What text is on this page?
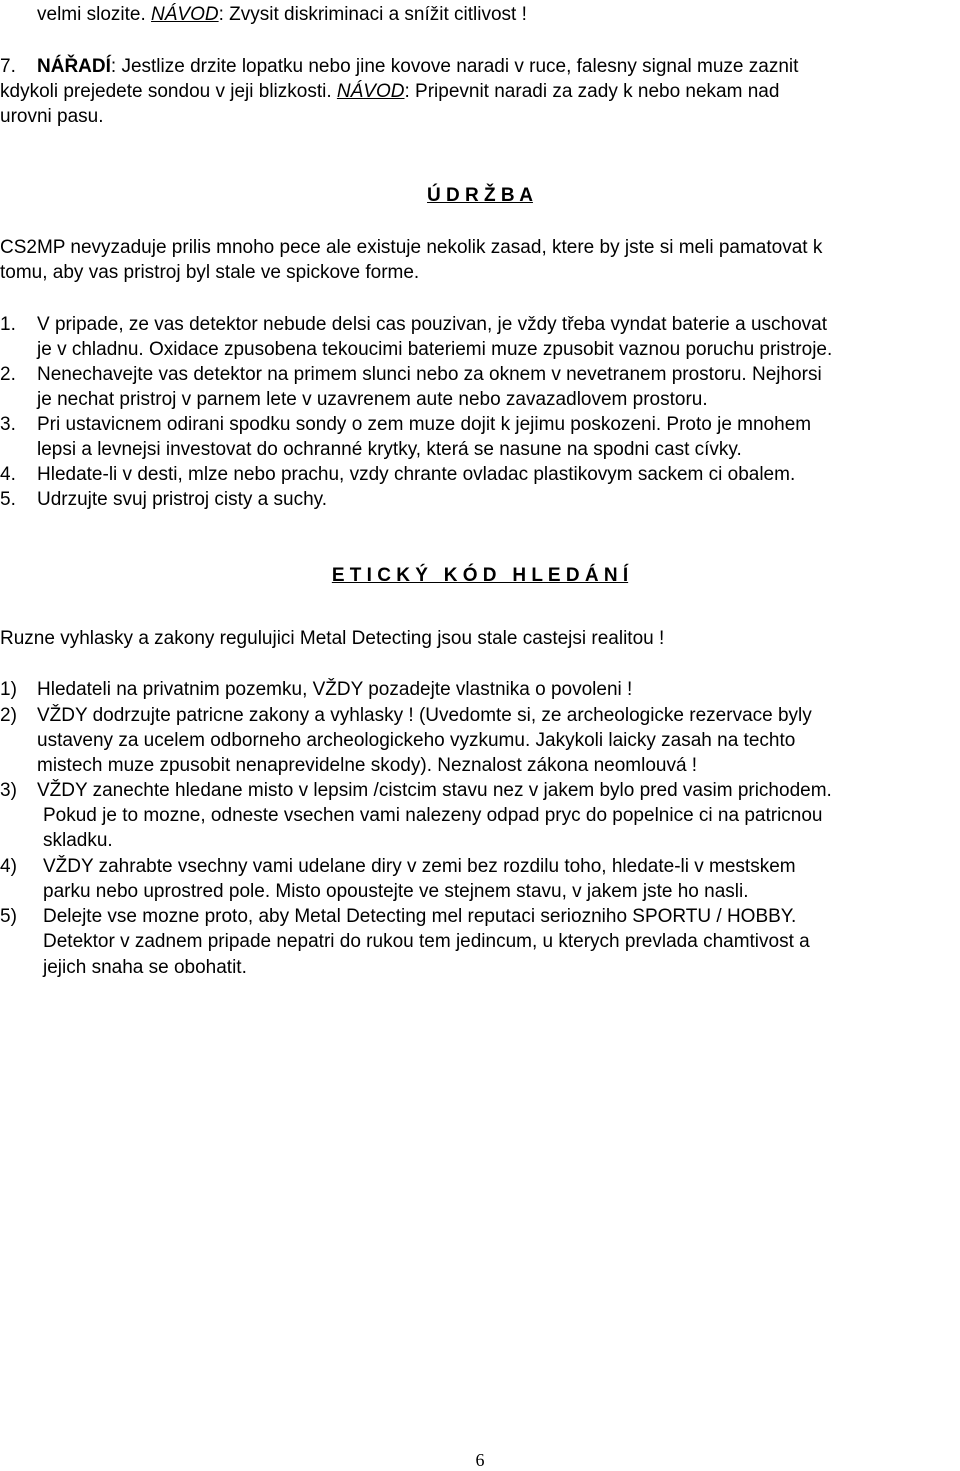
velmi slozite. NÁVOD: Zvysit diskriminaci a snížit citlivost !
7. NÁŘADÍ: Jestlize drzite lopatku nebo jine kovove naradi v ruce, falesny signal muze zaznit
kdykoli prejedete sondou v jeji blizkosti. NÁVOD: Pripevnit naradi za zady k nebo nekam nad
urovni pasu.
Ú D R Ž B A
CS2MP nevyzaduje prilis mnoho pece ale existuje nekolik zasad, ktere by jste si meli pamatovat k
tomu, aby vas pristroj byl stale ve spickove forme.
1. V pripade, ze vas detektor nebude delsi cas pouzivan, je vždy třeba vyndat baterie a uschovat
je v chladnu. Oxidace zpusobena tekoucimi bateriemi muze zpusobit vaznou poruchu pristroje.
2. Nenechavejte vas detektor na primem slunci nebo za oknem v nevetranem prostoru. Nejhorsi
je nechat pristroj v parnem lete v uzavrenem aute nebo zavazadlovem prostoru.
3. Pri ustavicnem odirani spodku sondy o zem muze dojit k jejimu poskozeni. Proto je mnohem
lepsi a levnejsi investovat do ochranné krytky, která se nasune na spodni cast cívky.
4. Hledate-li v desti, mlze nebo prachu, vzdy chrante ovladac plastikovym sackem ci obalem.
5. Udrzujte svuj pristroj cisty a suchy.
E T I C K Ý   K Ó D   H L E D Á N Í
Ruzne vyhlasky a zakony regulujici Metal Detecting jsou stale castejsi realitou !
1) Hledateli na privatnim pozemku, VŽDY pozadejte vlastnika o povoleni !
2) VŽDY dodrzujte patricne zakony a vyhlasky ! (Uvedomte si, ze archeologicke rezervace byly
ustaveny za ucelem odborneho archeologickeho vyzkumu. Jakykoli laicky zasah na techto
mistech muze zpusobit nenaprevidelne skody). Neznalost zákona neomlouvá !
3) VŽDY zanechte hledane misto v lepsim /cistcim stavu nez v jakem bylo pred vasim prichodem.
Pokud je to mozne, odneste vsechen vami nalezeny odpad pryc do popelnice ci na patricnou
skladku.
4) VŽDY zahrabte vsechny vami udelane diry v zemi bez rozdilu toho, hledate-li v mestskem
parku nebo uprostred pole. Misto opoustejte ve stejnem stavu, v jakem jste ho nasli.
5) Delejte vse mozne proto, aby Metal Detecting mel reputaci seriozniho SPORTU / HOBBY.
Detektor v zadnem pripade nepatri do rukou tem jedincum, u kterych prevlada chamtivost a
jejich snaha se obohatit.
6
